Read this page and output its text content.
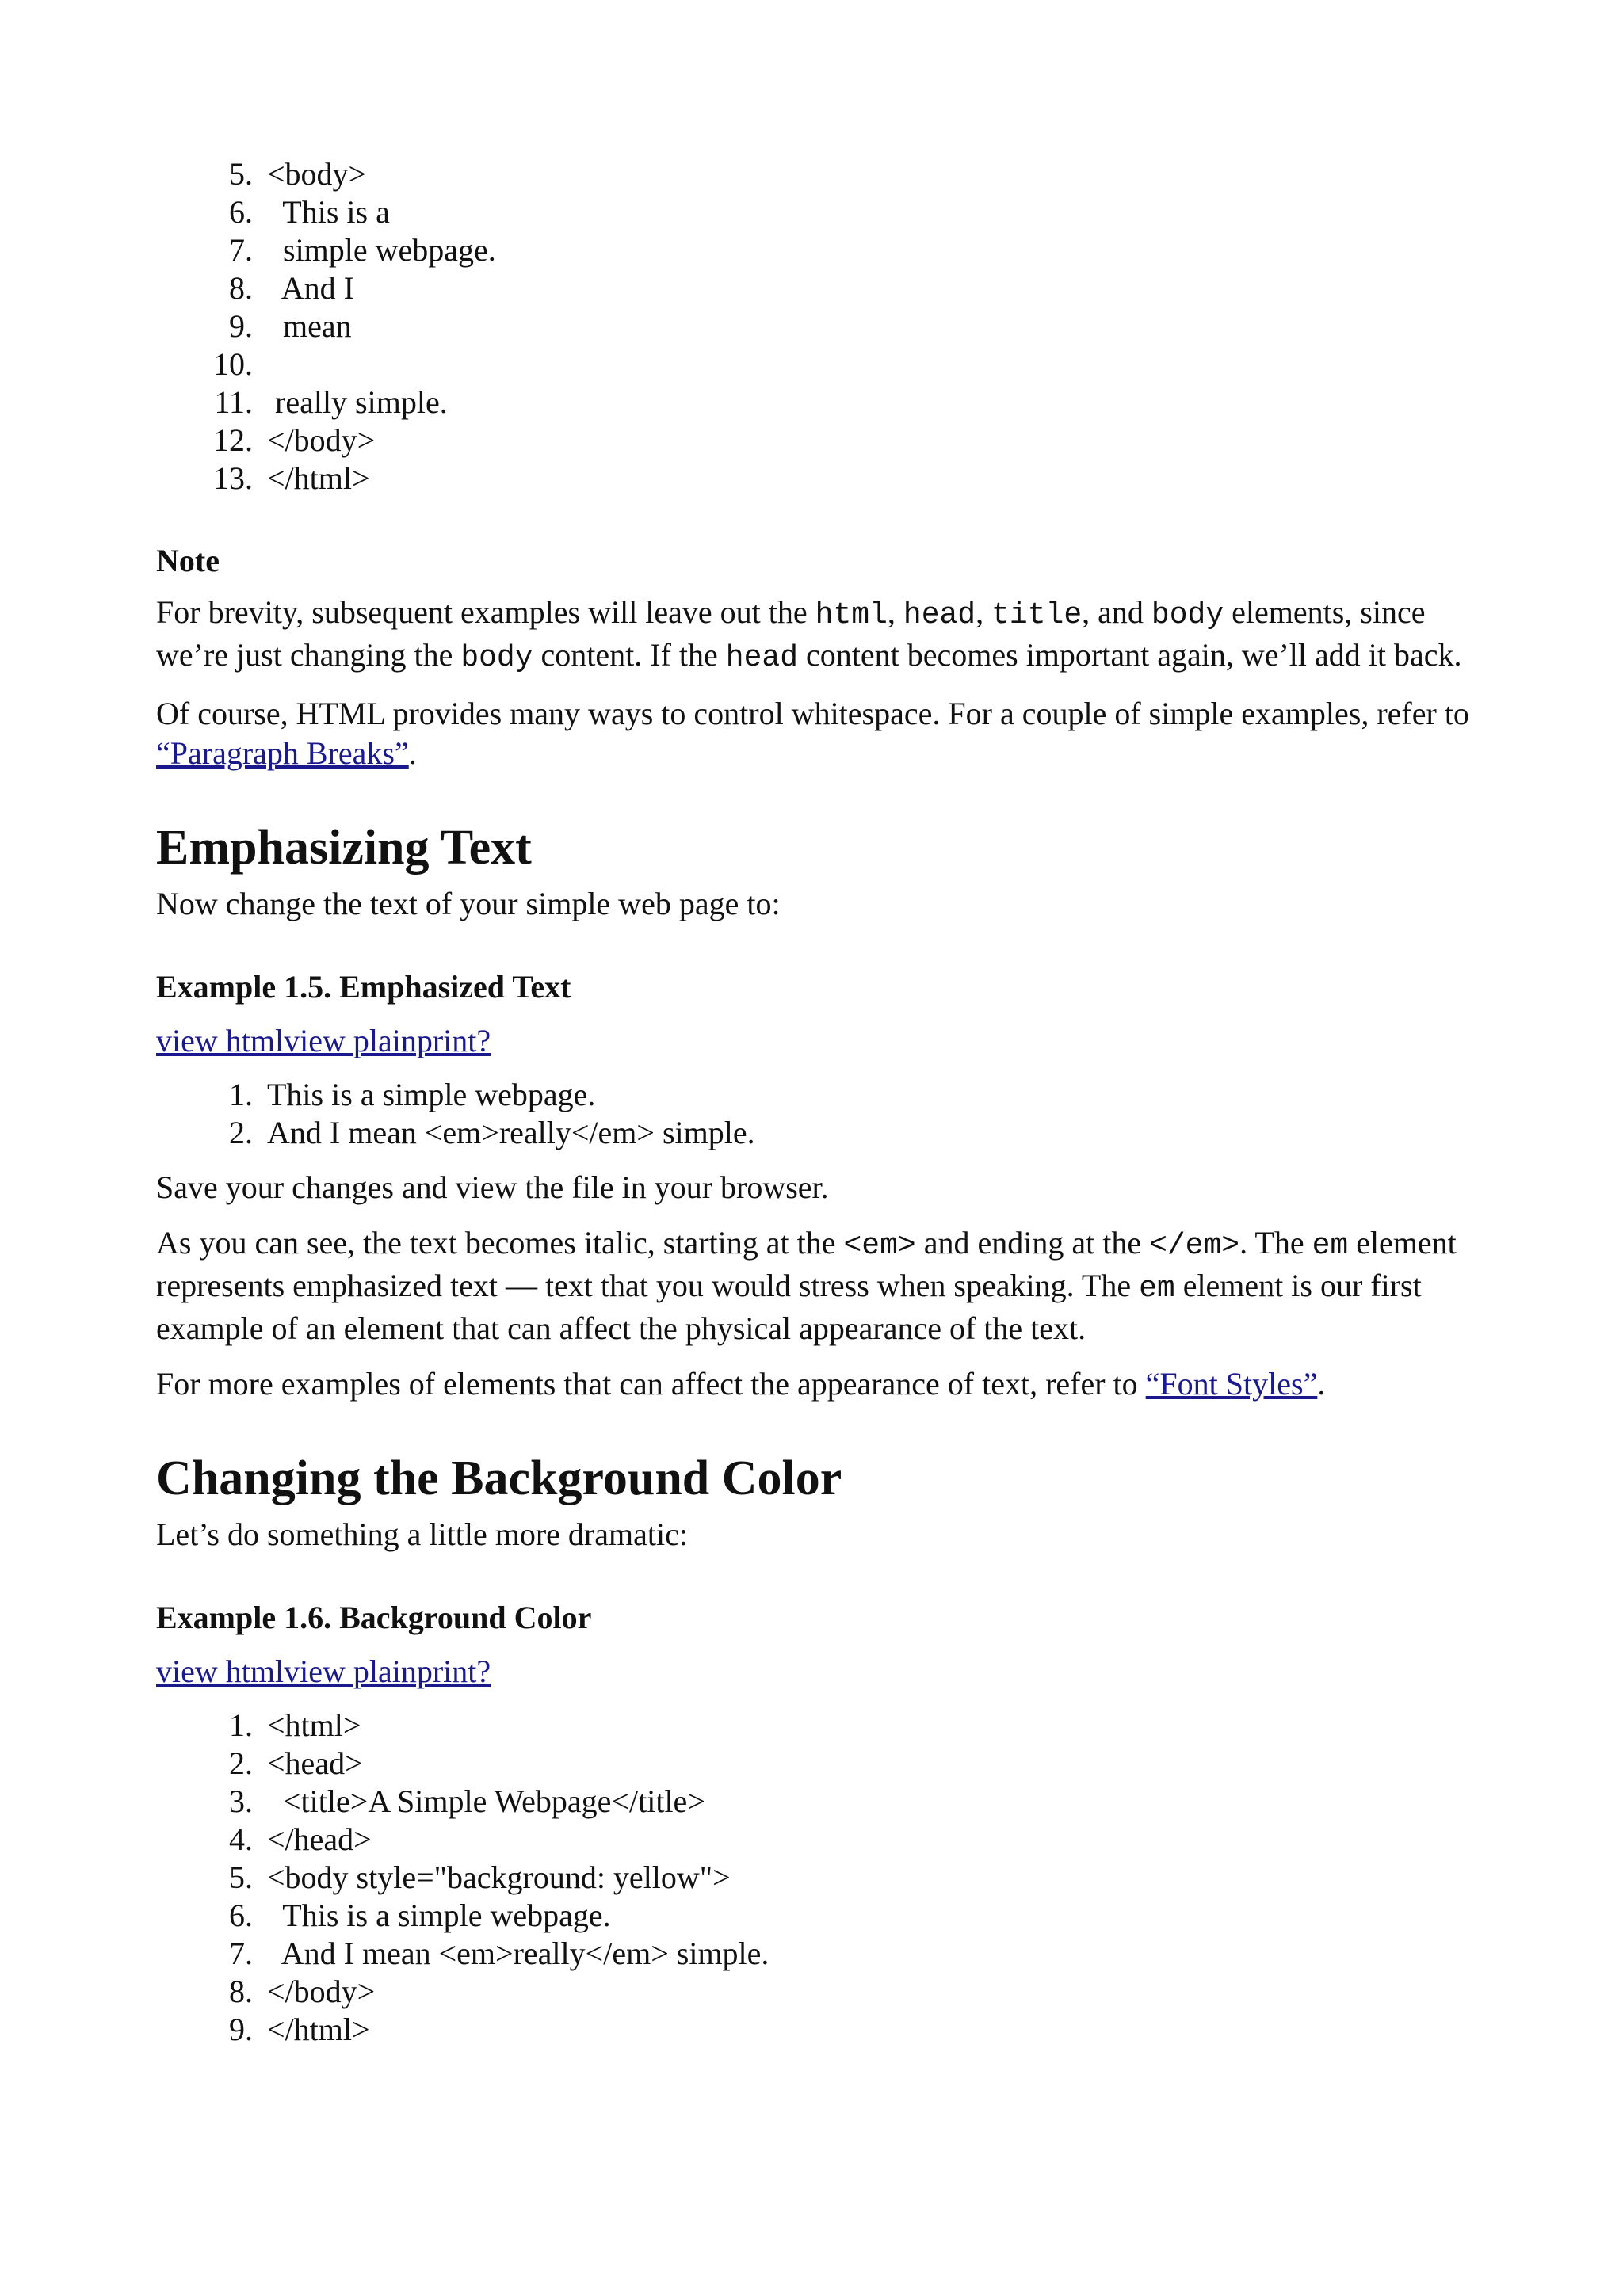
5. <body>
6. This is a
7. simple webpage.
8. And I
9. mean
10.
11. really simple.
12. </body>
13. </html>
Note

For brevity, subsequent examples will leave out the html, head, title, and body elements, since we’re just changing the body content. If the head content becomes important again, we’ll add it back.

Of course, HTML provides many ways to control whitespace. For a couple of simple examples, refer to “Paragraph Breaks”.

Emphasizing Text

Now change the text of your simple web page to:

Example 1.5. Emphasized Text
view htmlview plainprint?
1. This is a simple webpage.
2. And I mean <em>really</em> simple.

Save your changes and view the file in your browser.

As you can see, the text becomes italic, starting at the <em> and ending at the </em>. The em element represents emphasized text — text that you would stress when speaking. The em element is our first example of an element that can affect the physical appearance of the text.

For more examples of elements that can affect the appearance of text, refer to “Font Styles”.

Changing the Background Color

Let’s do something a little more dramatic:

Example 1.6. Background Color
view htmlview plainprint?
1. <html>
2. <head>
3. <title>A Simple Webpage</title>
4. </head>
5. <body style="background: yellow">
6. This is a simple webpage.
7. And I mean <em>really</em> simple.
8. </body>
9. </html>
